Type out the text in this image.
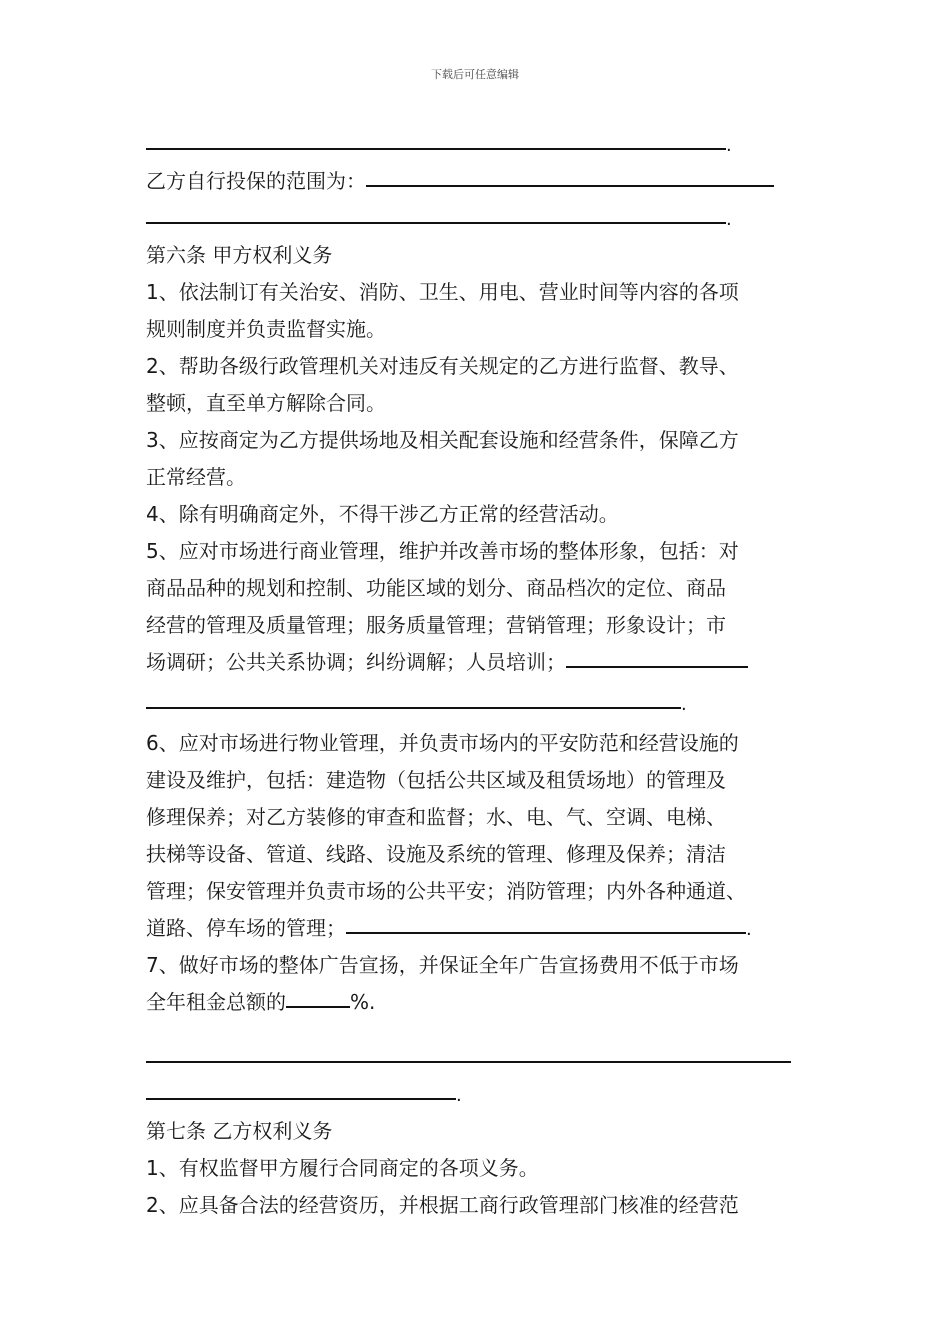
下载后可任意编辑
.
乙方自行投保的范围为：
.
第六条 甲方权利义务
1、依法制订有关治安、消防、卫生、用电、营业时间等内容的各项
规则制度并负责监督实施。
2、帮助各级行政管理机关对违反有关规定的乙方进行监督、教导、
整顿，直至单方解除合同。
3、应按商定为乙方提供场地及相关配套设施和经营条件，保障乙方
正常经营。
4、除有明确商定外，不得干涉乙方正常的经营活动。
5、应对市场进行商业管理，维护并改善市场的整体形象，包括：对
商品品种的规划和控制、功能区域的划分、商品档次的定位、商品
经营的管理及质量管理；服务质量管理；营销管理；形象设计；市
场调研；公共关系协调；纠纷调解；人员培训；
.
6、应对市场进行物业管理，并负责市场内的平安防范和经营设施的
建设及维护，包括：建造物（包括公共区域及租赁场地）的管理及
修理保养；对乙方装修的审查和监督；水、电、气、空调、电梯、
扶梯等设备、管道、线路、设施及系统的管理、修理及保养；清洁
管理；保安管理并负责市场的公共平安；消防管理；内外各种通道、
道路、停车场的管理；	.
7、做好市场的整体广告宣扬，并保证全年广告宣扬费用不低于市场
全年租金总额的	%.
.
第七条 乙方权利义务
1、有权监督甲方履行合同商定的各项义务。
2、应具备合法的经营资历，并根据工商行政管理部门核准的经营范
